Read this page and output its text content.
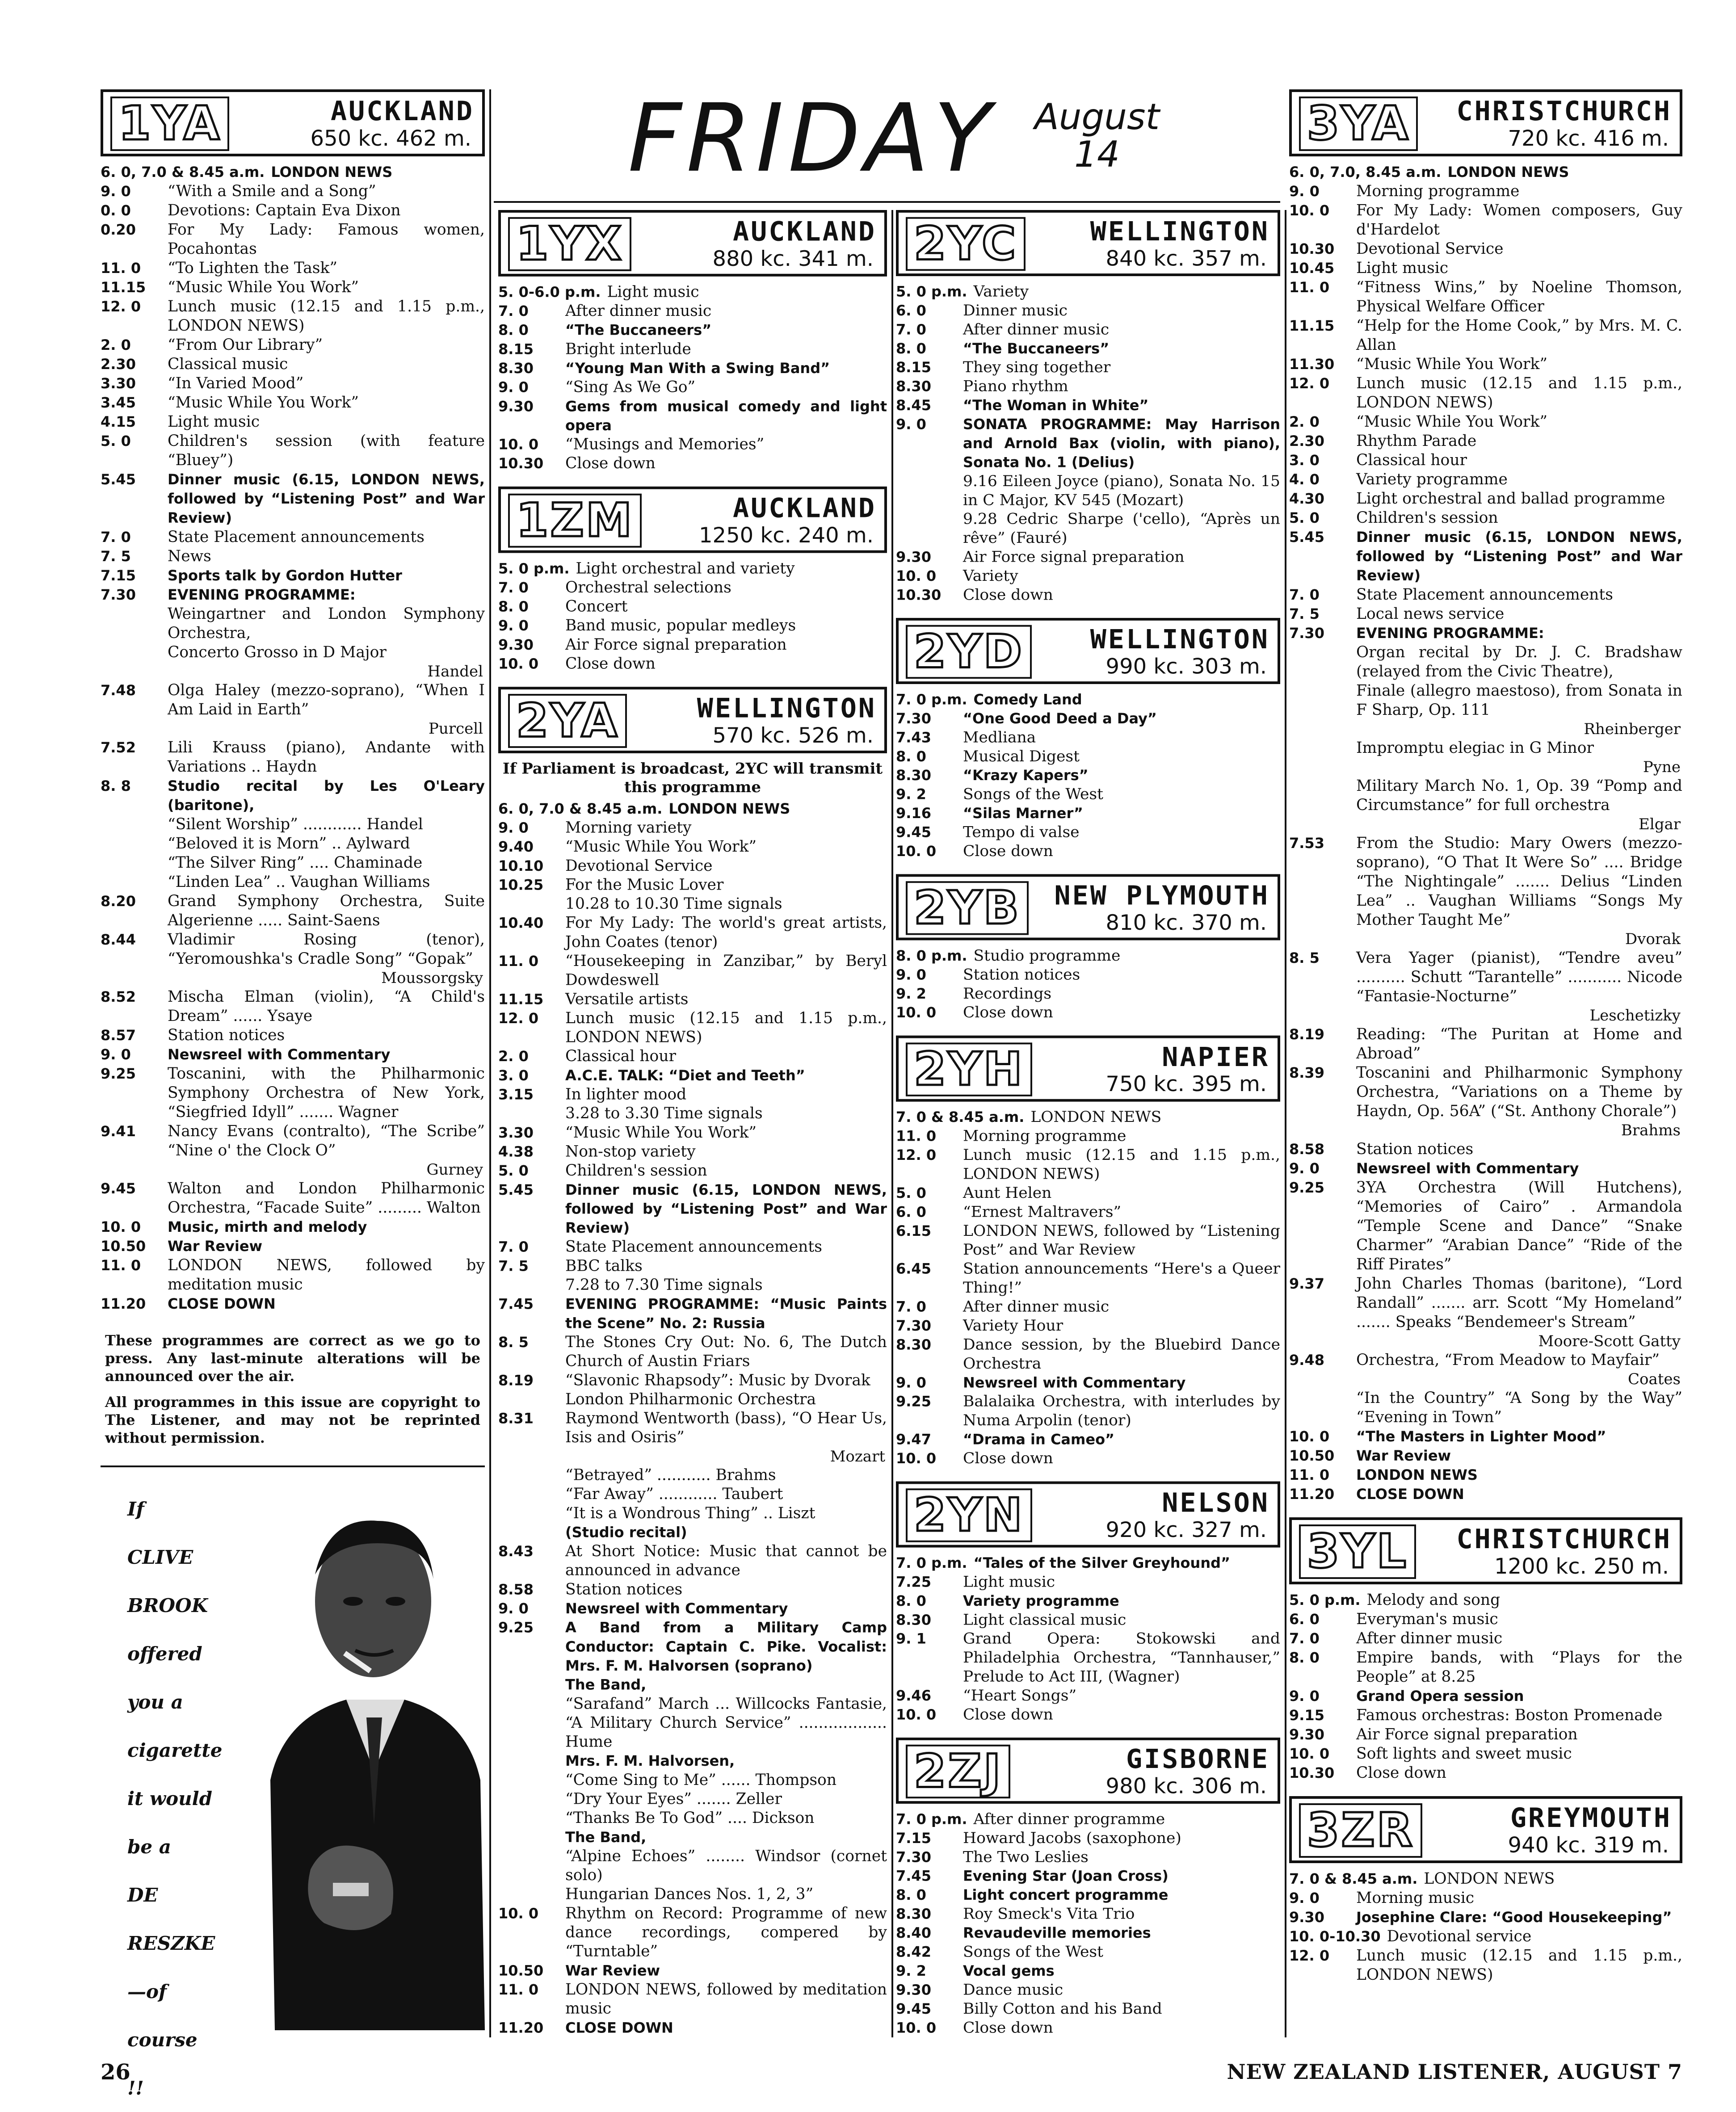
FRIDAY August
14
1YA	AUCKLAND
650 kc. 462 m.
6. 0, 7.0 & 8.45 a.m. LONDON NEWS
9. 0	“With a Smile and a Song”
0. 0	Devotions: Captain Eva Dixon
0.20	For My Lady: Famous women, Pocahontas
11. 0	“To Lighten the Task”
11.15	“Music While You Work”
12. 0	Lunch music (12.15 and 1.15 p.m., LONDON NEWS)
2. 0	“From Our Library”
2.30	Classical music
3.30	“In Varied Mood”
3.45	“Music While You Work”
4.15	Light music
5. 0	Children's session (with feature “Bluey”)
5.45	Dinner music (6.15, LONDON NEWS, followed by “Listening Post” and War Review)
7. 0	State Placement announcements
7. 5	News
7.15	Sports talk by Gordon Hutter
7.30	EVENING PROGRAMME:
Weingartner and London Symphony Orchestra,
Concerto Grosso in D Major
Handel
7.48	Olga Haley (mezzo-soprano), “When I Am Laid in Earth”
Purcell
7.52	Lili Krauss (piano), Andante with Variations .. Haydn
8. 8	Studio recital by Les O'Leary (baritone),
“Silent Worship” ............ Handel
“Beloved it is Morn” .. Aylward
“The Silver Ring” .... Chaminade
“Linden Lea” .. Vaughan Williams
8.20	Grand Symphony Orchestra, Suite Algerienne ..... Saint-Saens
8.44	Vladimir Rosing (tenor), “Yeromoushka's Cradle Song” “Gopak”
Moussorgsky
8.52	Mischa Elman (violin), “A Child's Dream” ...... Ysaye
8.57	Station notices
9. 0	Newsreel with Commentary
9.25	Toscanini, with the Philharmonic Symphony Orchestra of New York, “Siegfried Idyll” ....... Wagner
9.41	Nancy Evans (contralto), “The Scribe” “Nine o' the Clock O”
Gurney
9.45	Walton and London Philharmonic Orchestra, “Facade Suite” ......... Walton
10. 0	Music, mirth and melody
10.50	War Review
11. 0	LONDON NEWS, followed by meditation music
11.20	CLOSE DOWN

These programmes are correct as we go to press. Any last-minute alterations will be announced over the air.

All programmes in this issue are copyright to The Listener, and may not be reprinted without permission.

If
CLIVE
BROOK
offered
you a
cigarette
it would
be a
DE
RESZKE
—of
course
!!
1YX	AUCKLAND
880 kc. 341 m.
5. 0-6.0 p.m. Light music
7. 0	After dinner music
8. 0	“The Buccaneers”
8.15	Bright interlude
8.30	“Young Man With a Swing Band”
9. 0	“Sing As We Go”
9.30	Gems from musical comedy and light opera
10. 0	“Musings and Memories”
10.30	Close down
1ZM	AUCKLAND
1250 kc. 240 m.
5. 0 p.m. Light orchestral and variety
7. 0	Orchestral selections
8. 0	Concert
9. 0	Band music, popular medleys
9.30	Air Force signal preparation
10. 0	Close down
2YA	WELLINGTON
570 kc. 526 m.
If Parliament is broadcast, 2YC will transmit this programme
6. 0, 7.0 & 8.45 a.m. LONDON NEWS
9. 0	Morning variety
9.40	“Music While You Work”
10.10	Devotional Service
10.25	For the Music Lover
10.28 to 10.30 Time signals
10.40	For My Lady: The world's great artists, John Coates (tenor)
11. 0	“Housekeeping in Zanzibar,” by Beryl Dowdeswell
11.15	Versatile artists
12. 0	Lunch music (12.15 and 1.15 p.m., LONDON NEWS)
2. 0	Classical hour
3. 0	A.C.E. TALK: “Diet and Teeth”
3.15	In lighter mood
3.28 to 3.30 Time signals
3.30	“Music While You Work”
4.38	Non-stop variety
5. 0	Children's session
5.45	Dinner music (6.15, LONDON NEWS, followed by “Listening Post” and War Review)
7. 0	State Placement announcements
7. 5	BBC talks
7.28 to 7.30 Time signals
7.45	EVENING PROGRAMME: “Music Paints the Scene” No. 2: Russia
8. 5	The Stones Cry Out: No. 6, The Dutch Church of Austin Friars
8.19	“Slavonic Rhapsody”: Music by Dvorak
London Philharmonic Orchestra
8.31	Raymond Wentworth (bass), “O Hear Us, Isis and Osiris”
Mozart
“Betrayed” ........... Brahms
“Far Away” ............ Taubert
“It is a Wondrous Thing” .. Liszt
(Studio recital)
8.43	At Short Notice: Music that cannot be announced in advance
8.58	Station notices
9. 0	Newsreel with Commentary
9.25	A Band from a Military Camp Conductor: Captain C. Pike. Vocalist: Mrs. F. M. Halvorsen (soprano)
The Band,
“Sarafand” March ... Willcocks Fantasie, “A Military Church Service” .................. Hume
Mrs. F. M. Halvorsen,
“Come Sing to Me” ...... Thompson
“Dry Your Eyes” ....... Zeller
“Thanks Be To God” .... Dickson
The Band,
“Alpine Echoes” ........ Windsor (cornet solo)
Hungarian Dances Nos. 1, 2, 3”
10. 0	Rhythm on Record: Programme of new dance recordings, compered by “Turntable”
10.50	War Review
11. 0	LONDON NEWS, followed by meditation music
11.20	CLOSE DOWN
2YC	WELLINGTON
840 kc. 357 m.
5. 0 p.m. Variety
6. 0	Dinner music
7. 0	After dinner music
8. 0	“The Buccaneers”
8.15	They sing together
8.30	Piano rhythm
8.45	“The Woman in White”
9. 0	SONATA PROGRAMME: May Harrison and Arnold Bax (violin, with piano), Sonata No. 1 (Delius)
9.16 Eileen Joyce (piano), Sonata No. 15 in C Major, KV 545 (Mozart)
9.28 Cedric Sharpe ('cello), “Après un rêve” (Fauré)
9.30	Air Force signal preparation
10. 0	Variety
10.30	Close down
2YD	WELLINGTON
990 kc. 303 m.
7. 0 p.m. Comedy Land
7.30	“One Good Deed a Day”
7.43	Medliana
8. 0	Musical Digest
8.30	“Krazy Kapers”
9. 2	Songs of the West
9.16	“Silas Marner”
9.45	Tempo di valse
10. 0	Close down
2YB	NEW PLYMOUTH
810 kc. 370 m.
8. 0 p.m. Studio programme
9. 0	Station notices
9. 2	Recordings
10. 0	Close down
2YH	NAPIER
750 kc. 395 m.
7. 0 & 8.45 a.m. LONDON NEWS
11. 0	Morning programme
12. 0	Lunch music (12.15 and 1.15 p.m., LONDON NEWS)
5. 0	Aunt Helen
6. 0	“Ernest Maltravers”
6.15	LONDON NEWS, followed by “Listening Post” and War Review
6.45	Station announcements “Here's a Queer Thing!”
7. 0	After dinner music
7.30	Variety Hour
8.30	Dance session, by the Bluebird Dance Orchestra
9. 0	Newsreel with Commentary
9.25	Balalaika Orchestra, with interludes by Numa Arpolin (tenor)
9.47	“Drama in Cameo”
10. 0	Close down
2YN	NELSON
920 kc. 327 m.
7. 0 p.m. “Tales of the Silver Greyhound”
7.25	Light music
8. 0	Variety programme
8.30	Light classical music
9. 1	Grand Opera: Stokowski and Philadelphia Orchestra, “Tannhauser,” Prelude to Act III, (Wagner)
9.46	“Heart Songs”
10. 0	Close down
2ZJ	GISBORNE
980 kc. 306 m.
7. 0 p.m. After dinner programme
7.15	Howard Jacobs (saxophone)
7.30	The Two Leslies
7.45	Evening Star (Joan Cross)
8. 0	Light concert programme
8.30	Roy Smeck's Vita Trio
8.40	Revaudeville memories
8.42	Songs of the West
9. 2	Vocal gems
9.30	Dance music
9.45	Billy Cotton and his Band
10. 0	Close down
3YA	CHRISTCHURCH
720 kc. 416 m.
6. 0, 7.0, 8.45 a.m. LONDON NEWS
9. 0	Morning programme
10. 0	For My Lady: Women composers, Guy d'Hardelot
10.30	Devotional Service
10.45	Light music
11. 0	“Fitness Wins,” by Noeline Thomson, Physical Welfare Officer
11.15	“Help for the Home Cook,” by Mrs. M. C. Allan
11.30	“Music While You Work”
12. 0	Lunch music (12.15 and 1.15 p.m., LONDON NEWS)
2. 0	“Music While You Work”
2.30	Rhythm Parade
3. 0	Classical hour
4. 0	Variety programme
4.30	Light orchestral and ballad programme
5. 0	Children's session
5.45	Dinner music (6.15, LONDON NEWS, followed by “Listening Post” and War Review)
7. 0	State Placement announcements
7. 5	Local news service
7.30	EVENING PROGRAMME:
Organ recital by Dr. J. C. Bradshaw (relayed from the Civic Theatre),
Finale (allegro maestoso), from Sonata in F Sharp, Op. 111
Rheinberger
Impromptu elegiac in G Minor
Pyne
Military March No. 1, Op. 39 “Pomp and Circumstance” for full orchestra
Elgar
7.53	From the Studio: Mary Owers (mezzo-soprano), “O That It Were So” .... Bridge “The Nightingale” ....... Delius “Linden Lea” .. Vaughan Williams “Songs My Mother Taught Me”
Dvorak
8. 5	Vera Yager (pianist), “Tendre aveu” .......... Schutt “Tarantelle” ........... Nicode “Fantasie-Nocturne”
Leschetizky
8.19	Reading: “The Puritan at Home and Abroad”
8.39	Toscanini and Philharmonic Symphony Orchestra, “Variations on a Theme by Haydn, Op. 56A” (“St. Anthony Chorale”)
Brahms
8.58	Station notices
9. 0	Newsreel with Commentary
9.25	3YA Orchestra (Will Hutchens), “Memories of Cairo” . Armandola “Temple Scene and Dance” “Snake Charmer” “Arabian Dance” “Ride of the Riff Pirates”
9.37	John Charles Thomas (baritone), “Lord Randall” ....... arr. Scott “My Homeland” ....... Speaks “Bendemeer's Stream”
Moore-Scott Gatty
9.48	Orchestra, “From Meadow to Mayfair”
Coates
“In the Country” “A Song by the Way” “Evening in Town”
10. 0	“The Masters in Lighter Mood”
10.50	War Review
11. 0	LONDON NEWS
11.20	CLOSE DOWN
3YL	CHRISTCHURCH
1200 kc. 250 m.
5. 0 p.m. Melody and song
6. 0	Everyman's music
7. 0	After dinner music
8. 0	Empire bands, with “Plays for the People” at 8.25
9. 0	Grand Opera session
9.15	Famous orchestras: Boston Promenade
9.30	Air Force signal preparation
10. 0	Soft lights and sweet music
10.30	Close down
3ZR	GREYMOUTH
940 kc. 319 m.
7. 0 & 8.45 a.m. LONDON NEWS
9. 0	Morning music
9.30	Josephine Clare: “Good Housekeeping”
10. 0-10.30 Devotional service
12. 0	Lunch music (12.15 and 1.15 p.m., LONDON NEWS)
26	NEW ZEALAND LISTENER, AUGUST 7
